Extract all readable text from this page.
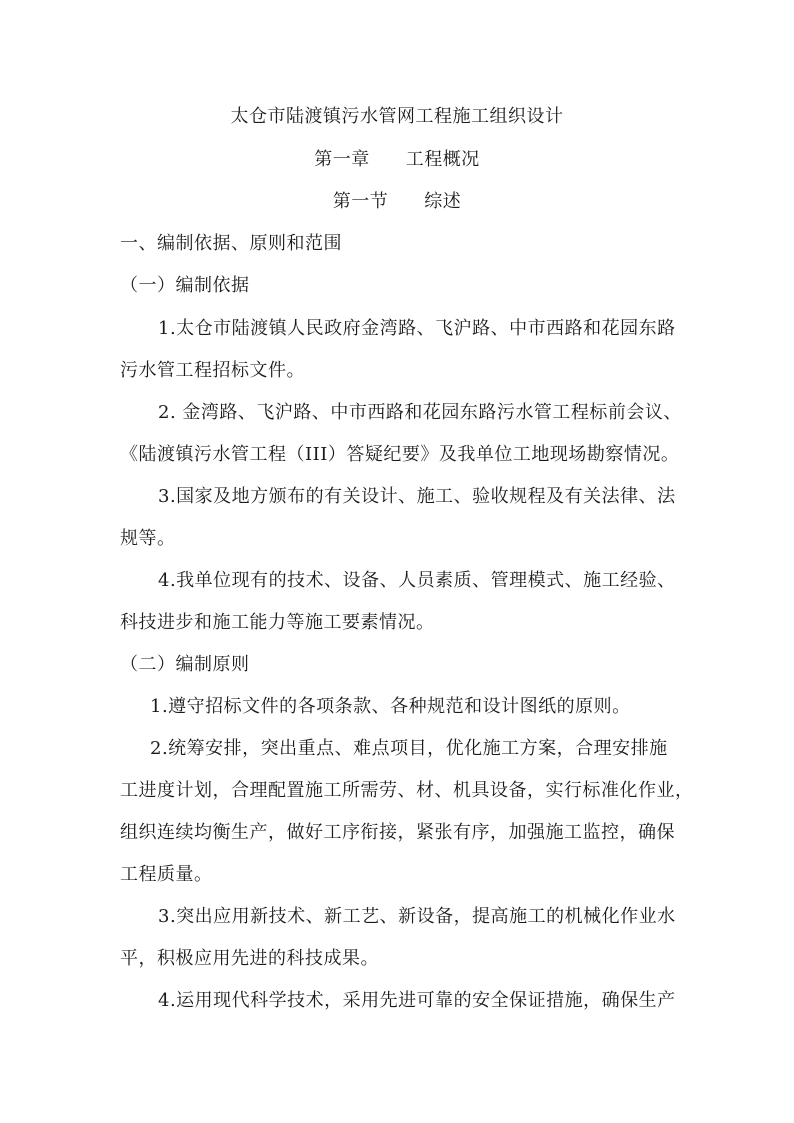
太仓市陆渡镇污水管网工程施工组织设计
第一章 工程概况
第一节 综述
一、编制依据、原则和范围
（一）编制依据
1.太仓市陆渡镇人民政府金湾路、飞沪路、中市西路和花园东路
污水管工程招标文件。
2. 金湾路、飞沪路、中市西路和花园东路污水管工程标前会议、
《陆渡镇污水管工程（III）答疑纪要》及我单位工地现场勘察情况。
3.国家及地方颁布的有关设计、施工、验收规程及有关法律、法
规等。
4.我单位现有的技术、设备、人员素质、管理模式、施工经验、
科技进步和施工能力等施工要素情况。
（二）编制原则
1.遵守招标文件的各项条款、各种规范和设计图纸的原则。
2.统筹安排，突出重点、难点项目，优化施工方案，合理安排施
工进度计划，合理配置施工所需劳、材、机具设备，实行标准化作业，
组织连续均衡生产，做好工序衔接，紧张有序，加强施工监控，确保
工程质量。
3.突出应用新技术、新工艺、新设备，提高施工的机械化作业水
平，积极应用先进的科技成果。
4.运用现代科学技术，采用先进可靠的安全保证措施，确保生产
